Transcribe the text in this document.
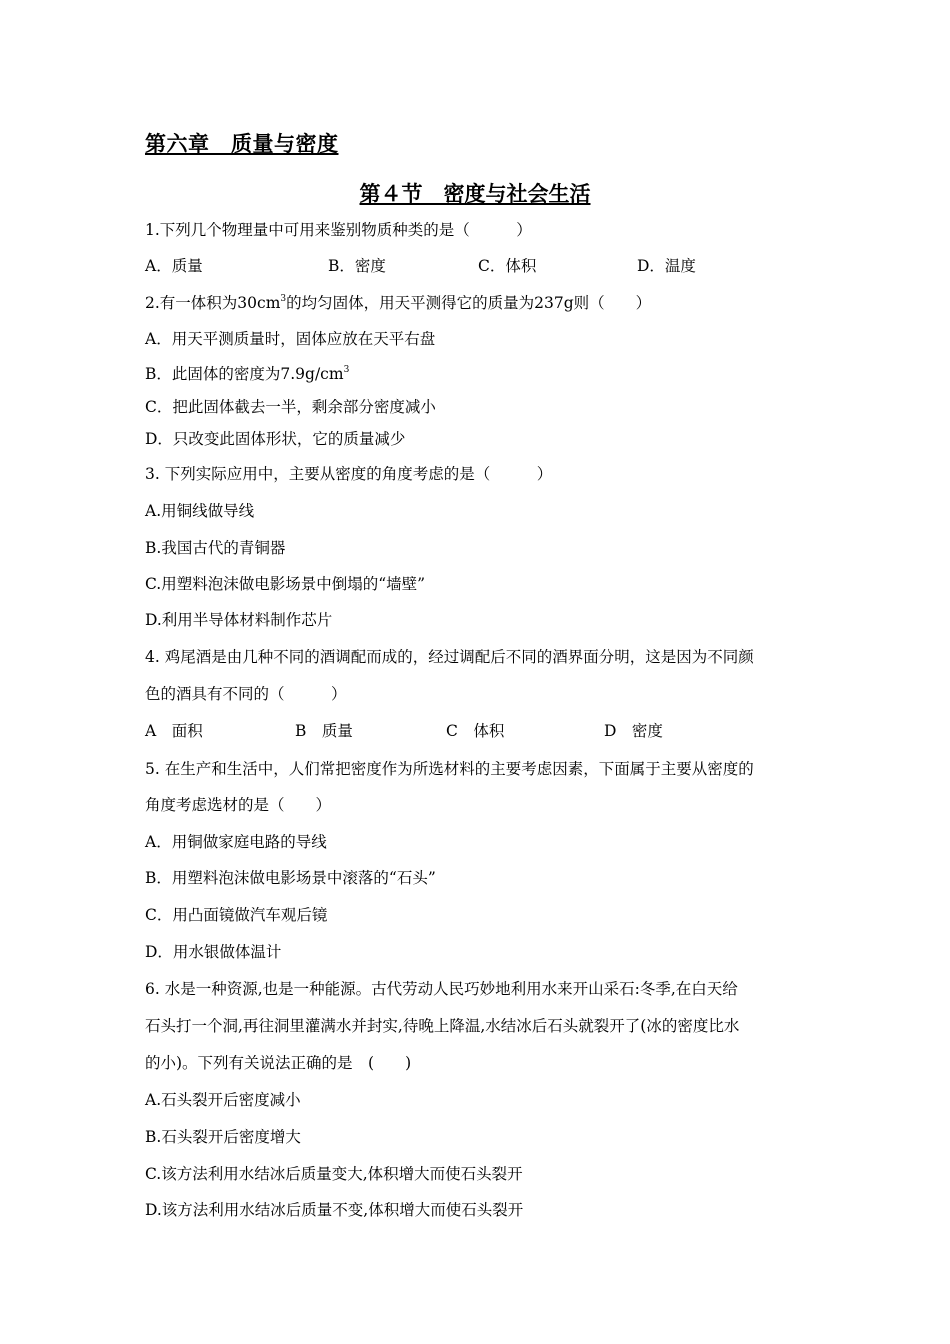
第六章　质量与密度
第４节　密度与社会生活
1.下列几个物理量中可用来鉴别物质种类的是（　　　）
A．质量	B．密度	C．体积	D．温度
2.有一体积为$30cm^3$的均匀固体，用天平测得它的质量为237g则（　　）
A．用天平测质量时，固体应放在天平右盘
B．此固体的密度为$7.9g/cm^3$
C．把此固体截去一半，剩余部分密度减小
D．只改变此固体形状，它的质量减少
3. 下列实际应用中，主要从密度的角度考虑的是（　　　）
A.用铜线做导线
B.我国古代的青铜器
C.用塑料泡沫做电影场景中倒塌的“墙壁”
D.利用半导体材料制作芯片
4. 鸡尾酒是由几种不同的酒调配而成的，经过调配后不同的酒界面分明，这是因为不同颜
色的酒具有不同的（　　　）
A　面积	B　质量	C　体积	D　密度
5. 在生产和生活中，人们常把密度作为所选材料的主要考虑因素，下面属于主要从密度的
角度考虑选材的是（　　）
A．用铜做家庭电路的导线
B．用塑料泡沫做电影场景中滚落的“石头”
C．用凸面镜做汽车观后镜
D．用水银做体温计
6. 水是一种资源,也是一种能源。古代劳动人民巧妙地利用水来开山采石:冬季,在白天给
石头打一个洞,再往洞里灌满水并封实,待晚上降温,水结冰后石头就裂开了(冰的密度比水
的小)。下列有关说法正确的是　(　　)
A.石头裂开后密度减小
B.石头裂开后密度增大
C.该方法利用水结冰后质量变大,体积增大而使石头裂开
D.该方法利用水结冰后质量不变,体积增大而使石头裂开
